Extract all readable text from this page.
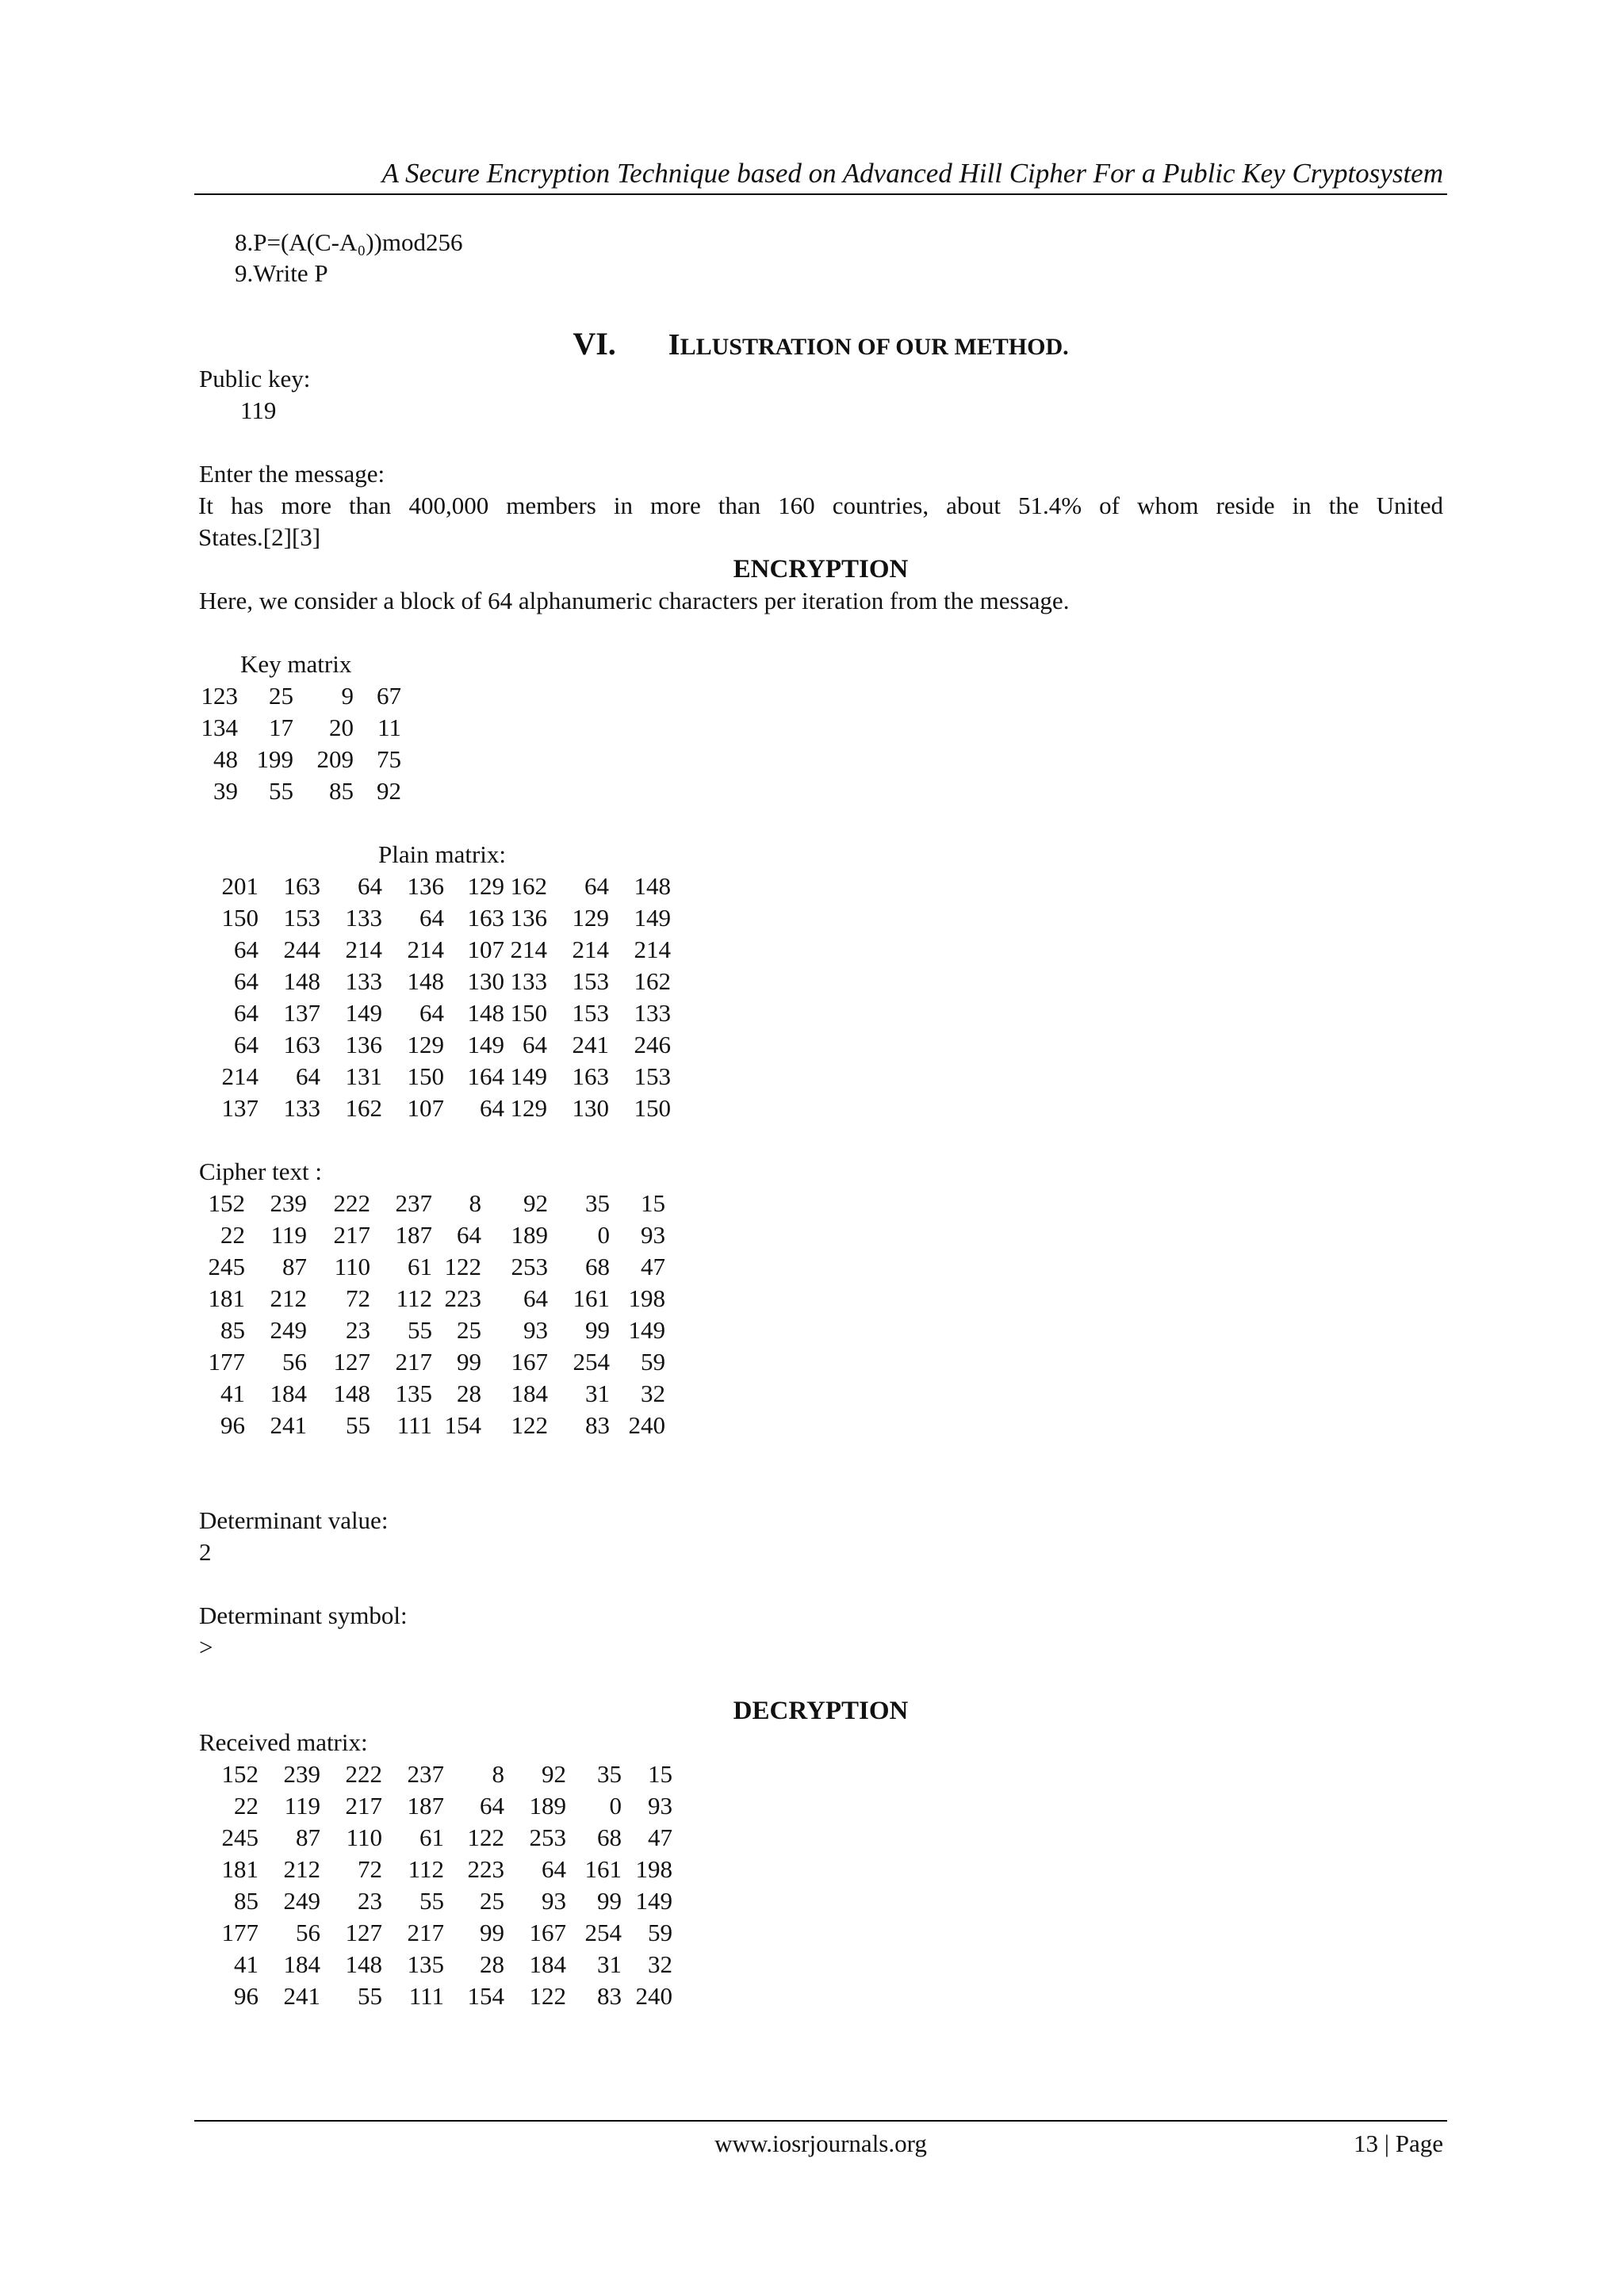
A Secure Encryption Technique based on Advanced Hill Cipher For a Public Key Cryptosystem
8.P=(A(C-A₀))mod256
9.Write P
VI. ILLUSTRATION OF OUR METHOD.
Public key:
119
Enter the message:

It has more than 400,000 members in more than 160 countries, about 51.4% of whom reside in the United

States.[2][3]

ENCRYPTION
Here, we consider a block of 64 alphanumeric characters per iteration from the message.
Key matrix
123	25	9 67
134	17	20 11
48 199 209 75
39	55	85 92
Plain matrix:
201	163	64	136 129 162	64	148
150	153	133	64 163 136	129	149
64	244	214	214 107 214	214	214
64	148	133	148 130 133	153	162
64	137	149	64 148 150	153	133
64	163	136	129 149 64	241	246
214	64	131	150 164 149	163	153
137	133	162	107	64 129	130	150
Cipher text :
152	239	222	237	8	92	35	15
22	119	217	187	64	189	0	93
245	87	110	61 122	253	68	47
181	212	72	112 223	64	161 198
85	249	23	55	25	93	99 149
177	56	127	217	99	167	254	59
41	184	148	135	28	184	31	32
96	241	55	111 154	122	83 240
Determinant value:
2
Determinant symbol:
>
DECRYPTION
Received matrix:
152	239	222	237	8	92	35	15
22	119	217	187	64	189	0	93
245	87	110	61 122	253	68	47
181	212	72	112 223	64 161 198
85	249	23	55	25	93	99 149
177	56	127	217	99	167 254	59
41	184	148	135	28	184	31	32
96	241	55	111 154	122	83 240
www.iosrjournals.org	13 | Page
